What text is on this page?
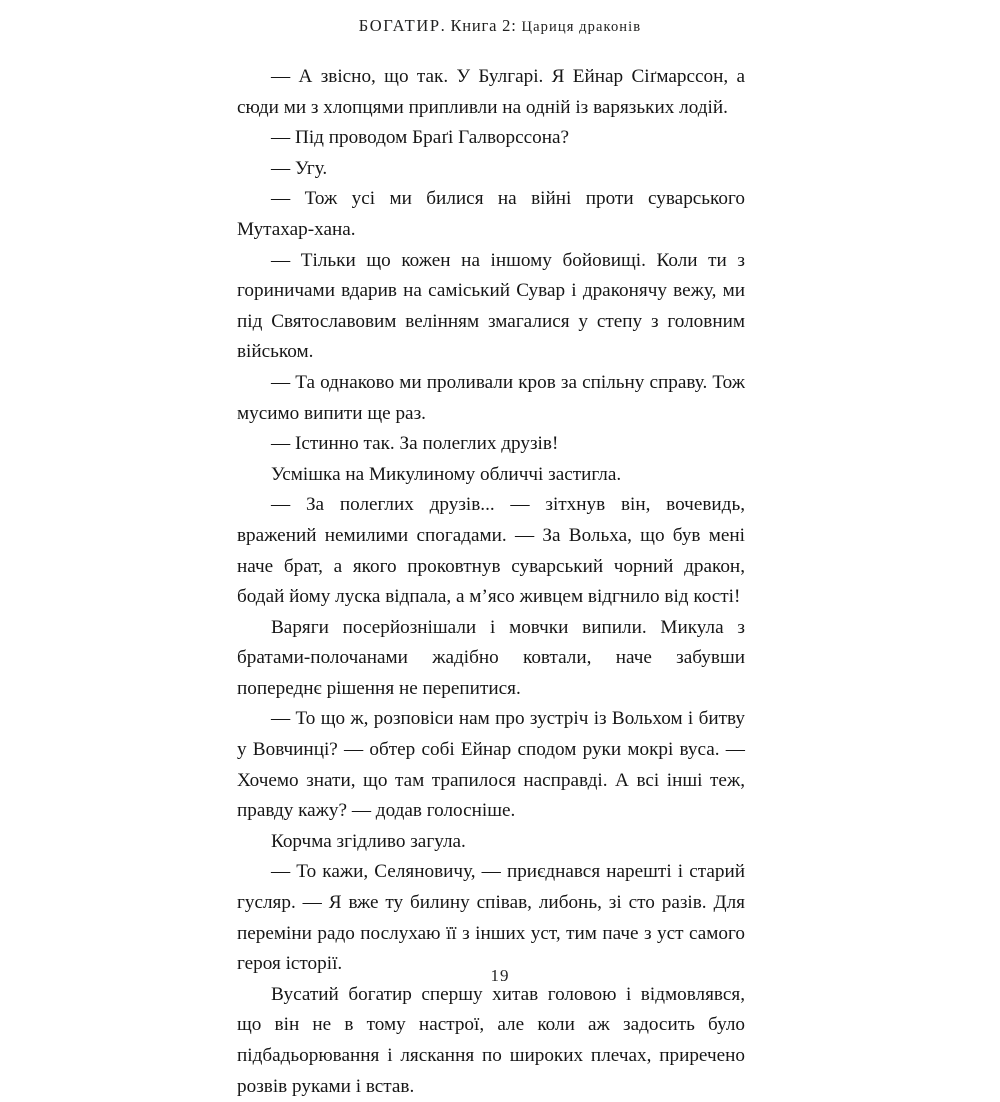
БОГАТИР. Книга 2: Цариця драконів

— А звісно, що так. У Булгарі. Я Ейнар Сіґмарссон, а сюди ми з хлопцями припливли на одній із варязьких лодій.

— Під проводом Браґі Галворссона?

— Угу.

— Тож усі ми билися на війні проти суварського Мутахар-хана.

— Тільки що кожен на іншому бойовищі. Коли ти з гориничами вдарив на саміський Сувар і драконячу вежу, ми під Святославовим велінням змагалися у степу з головним військом.

— Та однаково ми проливали кров за спільну справу. Тож мусимо випити ще раз.

— Істинно так. За полеглих друзів!

Усмішка на Микулиному обличчі застигла.

— За полеглих друзів... — зітхнув він, вочевидь, вражений немилими спогадами. — За Вольха, що був мені наче брат, а якого проковтнув суварський чорний дракон, бодай йому луска відпала, а м’ясо живцем відгнило від кості!

Варяги посерйознішали і мовчки випили. Микула з братами-полочанами жадібно ковтали, наче забувши попереднє рішення не перепитися.

— То що ж, розповіси нам про зустріч із Вольхом і битву у Вовчинці? — обтер собі Ейнар сподом руки мокрі вуса. — Хочемо знати, що там трапилося насправді. А всі інші теж, правду кажу? — додав голосніше.

Корчма згідливо загула.

— То кажи, Селяновичу, — приєднався нарешті і старий гусляр. — Я вже ту билину співав, либонь, зі сто разів. Для переміни радо послухаю її з інших уст, тим паче з уст самого героя історії.

Вусатий богатир спершу хитав головою і відмовлявся, що він не в тому настрої, але коли аж задосить було підбадьорювання і ляскання по широких плечах, приречено розвів руками і встав.

19
